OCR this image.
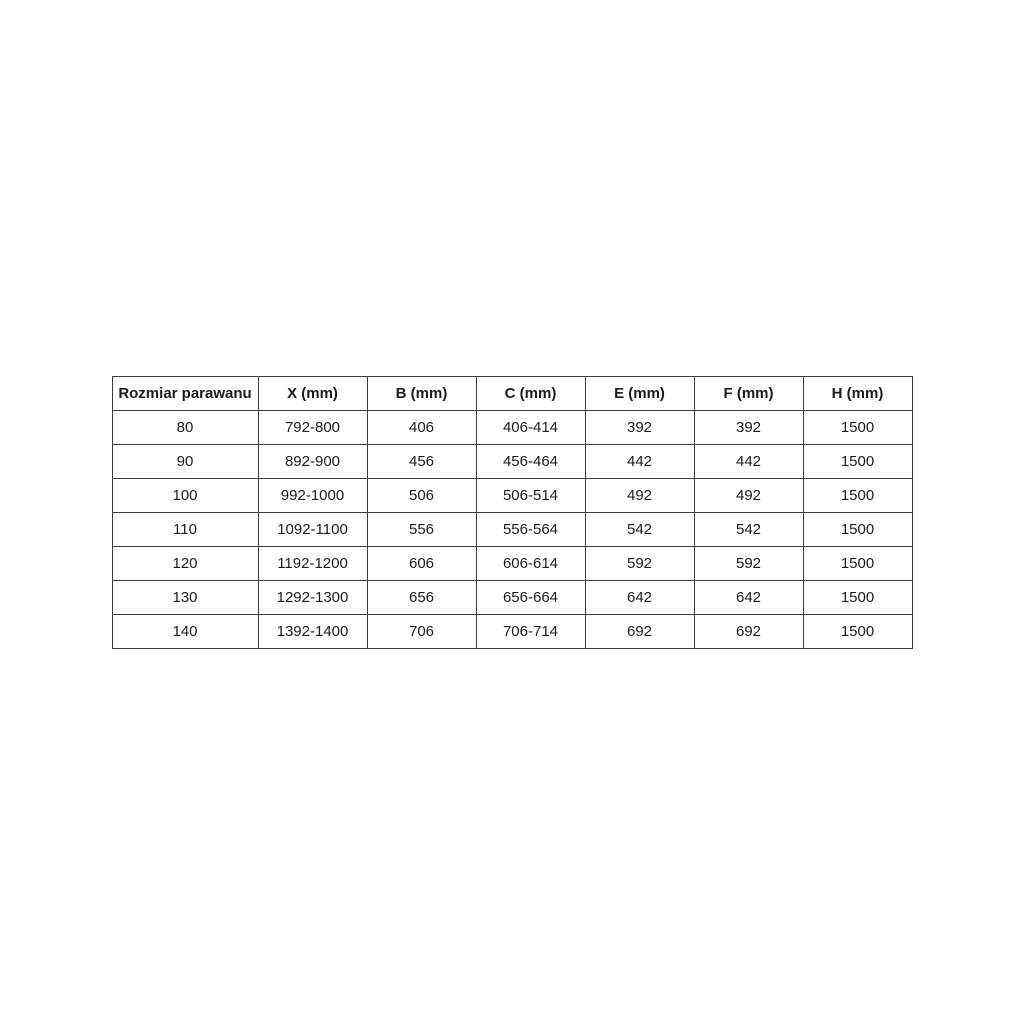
Rozmiar parawanu	X (mm)	B (mm)	C (mm)	E (mm)	F (mm)	H (mm)
80	792-800	406	406-414	392	392	1500
90	892-900	456	456-464	442	442	1500
100	992-1000	506	506-514	492	492	1500
110	1092-1100	556	556-564	542	542	1500
120	1192-1200	606	606-614	592	592	1500
130	1292-1300	656	656-664	642	642	1500
140	1392-1400	706	706-714	692	692	1500
